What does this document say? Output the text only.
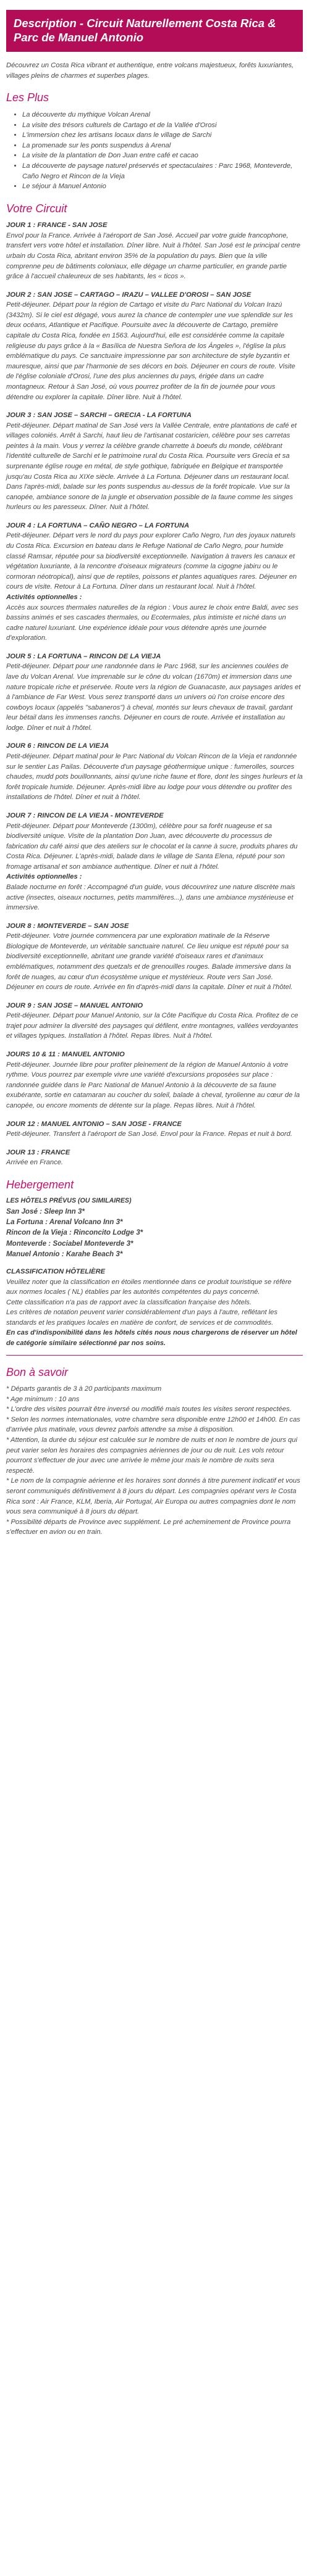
Description - Circuit Naturellement Costa Rica & Parc de Manuel Antonio

Découvrez un Costa Rica vibrant et authentique, entre volcans majestueux, forêts luxuriantes, villages pleins de charmes et superbes plages.

Les Plus
• La découverte du mythique Volcan Arenal
• La visite des trésors culturels de Cartago et de la Vallée d'Orosi
• L'immersion chez les artisans locaux dans le village de Sarchi
• La promenade sur les ponts suspendus à Arenal
• La visite de la plantation de Don Juan entre café et cacao
• La découverte de paysage naturel préservés et spectaculaires : Parc 1968, Monteverde, Caño Negro et Rincon de la Vieja
• Le séjour à Manuel Antonio
Votre Circuit
JOUR 1 : FRANCE - SAN JOSE
Envol pour la France. Arrivée à l'aéroport de San José. Accueil par votre guide francophone, transfert vers votre hôtel et installation. Dîner libre. Nuit à l'hôtel. San José est le principal centre urbain du Costa Rica, abritant environ 35% de la population du pays. Bien que la ville comprenne peu de bâtiments coloniaux, elle dégage un charme particulier, en grande partie grâce à l'accueil chaleureux de ses habitants, les « ticos ».
JOUR 2 : SAN JOSE – CARTAGO – IRAZU – VALLEE D'OROSI – SAN JOSE
Petit-déjeuner. Départ pour la région de Cartago et visite du Parc National du Volcan Irazú (3432m). Si le ciel est dégagé, vous aurez la chance de contempler une vue splendide sur les deux océans, Atlantique et Pacifique. Poursuite avec la découverte de Cartago, première capitale du Costa Rica, fondée en 1563. Aujourd'hui, elle est considérée comme la capitale religieuse du pays grâce à la « Basílica de Nuestra Señora de los Ángeles », l'église la plus emblématique du pays. Ce sanctuaire impressionne par son architecture de style byzantin et mauresque, ainsi que par l'harmonie de ses décors en bois. Déjeuner en cours de route. Visite de l'église coloniale d'Orosi, l'une des plus anciennes du pays, érigée dans un cadre montagneux. Retour à San José, où vous pourrez profiter de la fin de journée pour vous détendre ou explorer la capitale. Dîner libre. Nuit à l'hôtel.
JOUR 3 : SAN JOSE – SARCHI – GRECIA - LA FORTUNA
Petit-déjeuner. Départ matinal de San José vers la Vallée Centrale, entre plantations de café et villages coloniés. Arrêt à Sarchi, haut lieu de l'artisanat costaricien, célèbre pour ses carretas peintes à la main. Vous y verrez la célèbre grande charrette à boeufs du monde, célébrant l'identité culturelle de Sarchi et le patrimoine rural du Costa Rica. Poursuite vers Grecia et sa surprenante église rouge en métal, de style gothique, fabriquée en Belgique et transportée jusqu'au Costa Rica au XIXe siècle. Arrivée à La Fortuna. Déjeuner dans un restaurant local. Dans l'après-midi, balade sur les ponts suspendus au-dessus de la forêt tropicale. Vue sur la canopée, ambiance sonore de la jungle et observation possible de la faune comme les singes hurleurs ou les paresseux. Dîner. Nuit à l'hôtel.
JOUR 4 : LA FORTUNA – CAÑO NEGRO – LA FORTUNA
Petit-déjeuner. Départ vers le nord du pays pour explorer Caño Negro, l'un des joyaux naturels du Costa Rica. Excursion en bateau dans le Refuge National de Caño Negro, pour humide classé Ramsar, réputée pour sa biodiversité exceptionnelle. Navigation à travers les canaux et végétation luxuriante, à la rencontre d'oiseaux migrateurs (comme la cigogne jabiru ou le cormoran néotropical), ainsi que de reptiles, poissons et plantes aquatiques rares. Déjeuner en cours de visite. Retour à La Fortuna. Dîner dans un restaurant local. Nuit à l'hôtel.
Activités optionnelles :
Accès aux sources thermales naturelles de la région : Vous aurez le choix entre Baldi, avec ses bassins animés et ses cascades thermales, ou Ecotermales, plus intimiste et niché dans un cadre naturel luxuriant. Une expérience idéale pour vous détendre après une journée d'exploration.
JOUR 5 : LA FORTUNA – RINCON DE LA VIEJA
Petit-déjeuner. Départ pour une randonnée dans le Parc 1968, sur les anciennes coulées de lave du Volcan Arenal. Vue imprenable sur le cône du volcan (1670m) et immersion dans une nature tropicale riche et préservée. Route vers la région de Guanacaste, aux paysages arides et à l'ambiance de Far West. Vous serez transporté dans un univers où l'on croise encore des cowboys locaux (appelés "sabaneros") à cheval, montés sur leurs chevaux de travail, gardant leur bétail dans les immenses ranchs. Déjeuner en cours de route. Arrivée et installation au lodge. Dîner et nuit à l'hôtel.
JOUR 6 : RINCON DE LA VIEJA
Petit-déjeuner. Départ matinal pour le Parc National du Volcan Rincon de la Vieja et randonnée sur le sentier Las Pailas. Découverte d'un paysage géothermique unique : fumerolles, sources chaudes, mudd pots bouillonnants, ainsi qu'une riche faune et flore, dont les singes hurleurs et la forêt tropicale humide. Déjeuner. Après-midi libre au lodge pour vous détendre ou profiter des installations de l'hôtel. Dîner et nuit à l'hôtel.
JOUR 7 : RINCON DE LA VIEJA - MONTEVERDE
Petit-déjeuner. Départ pour Monteverde (1300m), célèbre pour sa forêt nuageuse et sa biodiversité unique. Visite de la plantation Don Juan, avec découverte du processus de fabrication du café ainsi que des ateliers sur le chocolat et la canne à sucre, produits phares du Costa Rica. Déjeuner. L'après-midi, balade dans le village de Santa Elena, réputé pour son fromage artisanal et son ambiance authentique. Dîner et nuit à l'hôtel.
Activités optionnelles :
Balade nocturne en forêt : Accompagné d'un guide, vous découvrirez une nature discrète mais active (insectes, oiseaux nocturnes, petits mammifères...), dans une ambiance mystérieuse et immersive.
JOUR 8 : MONTEVERDE – SAN JOSE
Petit-déjeuner. Votre journée commencera par une exploration matinale de la Réserve Biologique de Monteverde, un véritable sanctuaire naturel. Ce lieu unique est réputé pour sa biodiversité exceptionnelle, abritant une grande variété d'oiseaux rares et d'animaux emblématiques, notamment des quetzals et de grenouilles rouges. Balade immersive dans la forêt de nuages, au cœur d'un écosystème unique et mystérieux. Route vers San José. Déjeuner en cours de route. Arrivée en fin d'après-midi dans la capitale. Dîner et nuit à l'hôtel.
JOUR 9 : SAN JOSE – MANUEL ANTONIO
Petit-déjeuner. Départ pour Manuel Antonio, sur la Côte Pacifique du Costa Rica. Profitez de ce trajet pour admirer la diversité des paysages qui défilent, entre montagnes, vallées verdoyantes et villages typiques. Installation à l'hôtel. Repas libres. Nuit à l'hôtel.
JOURS 10 & 11 : MANUEL ANTONIO
Petit-déjeuner. Journée libre pour profiter pleinement de la région de Manuel Antonio à votre rythme. Vous pourrez par exemple vivre une variété d'excursions proposées sur place : randonnée guidée dans le Parc National de Manuel Antonio à la découverte de sa faune exubérante, sortie en catamaran au coucher du soleil, balade à cheval, tyrolienne au cœur de la canopée, ou encore moments de détente sur la plage. Repas libres. Nuit à l'hôtel.
JOUR 12 : MANUEL ANTONIO – SAN JOSE - FRANCE
Petit-déjeuner. Transfert à l'aéroport de San José. Envol pour la France. Repas et nuit à bord.
JOUR 13 : FRANCE
Arrivée en France.
Hebergement
LES HÔTELS PRÉVUS (OU SIMILAIRES)
San José : Sleep Inn 3*
La Fortuna : Arenal Volcano Inn 3*
Rincon de la Vieja : Rinconcito Lodge 3*
Monteverde : Sociabel Monteverde 3*
Manuel Antonio : Karahe Beach 3*
CLASSIFICATION HÔTELIÈRE

Veuillez noter que la classification en étoiles mentionnée dans ce produit touristique se réfère aux normes locales ( NL) établies par les autorités compétentes du pays concerné.

Cette classification n'a pas de rapport avec la classification française des hôtels.

Les critères de notation peuvent varier considérablement d'un pays à l'autre, reflétant les standards et les pratiques locales en matière de confort, de services et de commodités.

En cas d'indisponibilité dans les hôtels cités nous nous chargerons de réserver un hôtel de catégorie similaire sélectionné par nos soins.

Bon à savoir

* Départs garantis de 3 à 20 participants maximum

* Age minimum : 10 ans

* L'ordre des visites pourrait être inversé ou modifié mais toutes les visites seront respectées.

* Selon les normes internationales, votre chambre sera disponible entre 12h00 et 14h00. En cas d'arrivée plus matinale, vous devrez parfois attendre sa mise à disposition.

* Attention, la durée du séjour est calculée sur le nombre de nuits et non le nombre de jours qui peut varier selon les horaires des compagnies aériennes de jour ou de nuit. Les vols retour pourront s'effectuer de jour avec une arrivée le même jour mais le nombre de nuits sera respecté.

* Le nom de la compagnie aérienne et les horaires sont donnés à titre purement indicatif et vous seront communiqués définitivement à 8 jours du départ. Les compagnies opérant vers le Costa Rica sont : Air France, KLM, Iberia, Air Portugal, Air Europa ou autres compagnies dont le nom vous sera communiqué à 8 jours du départ.

* Possibilité départs de Province avec supplément. Le pré acheminement de Province pourra s'effectuer en avion ou en train.
